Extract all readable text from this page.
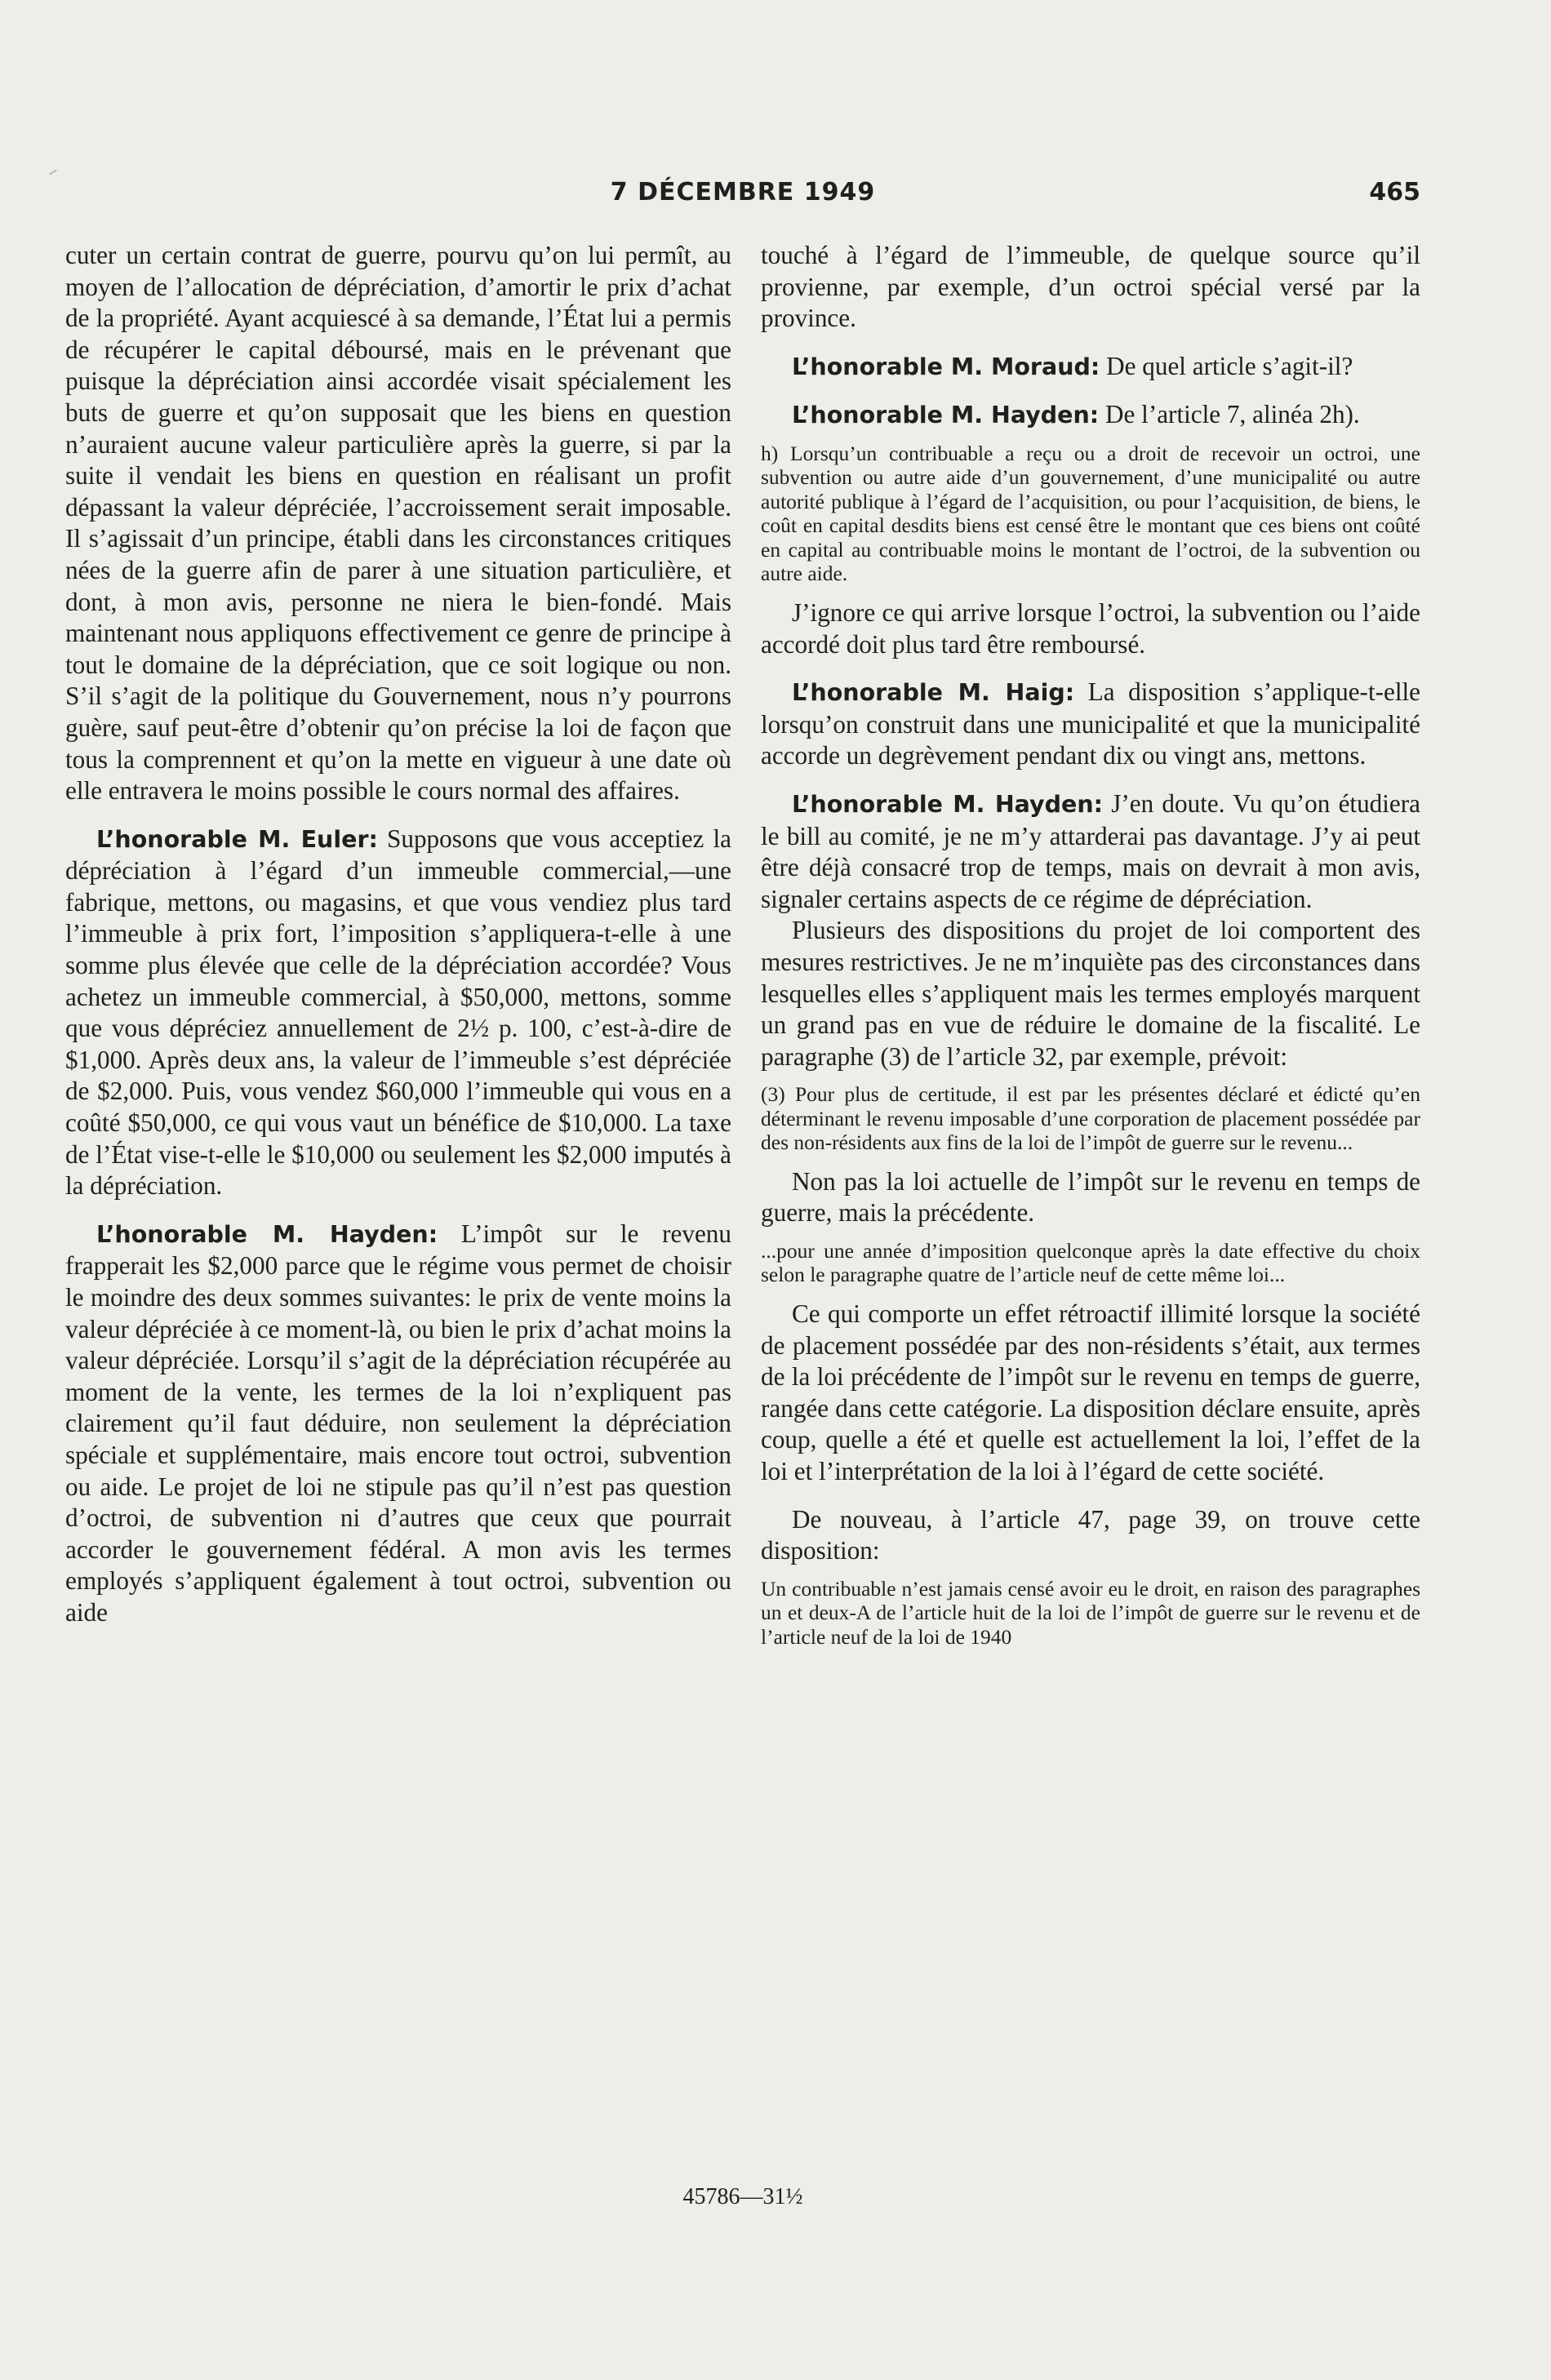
7 DÉCEMBRE 1949	465

cuter un certain contrat de guerre, pourvu qu’on lui permît, au moyen de l’allocation de dépréciation, d’amortir le prix d’achat de la propriété. Ayant acquiescé à sa demande, l’État lui a permis de récupérer le capital déboursé, mais en le prévenant que puisque la dépréciation ainsi accordée visait spécialement les buts de guerre et qu’on supposait que les biens en question n’auraient aucune valeur particulière après la guerre, si par la suite il vendait les biens en question en réalisant un profit dépassant la valeur dépréciée, l’accroissement serait imposable. Il s’agissait d’un principe, établi dans les circonstances critiques nées de la guerre afin de parer à une situation particulière, et dont, à mon avis, personne ne niera le bien-fondé. Mais maintenant nous appliquons effectivement ce genre de principe à tout le domaine de la dépréciation, que ce soit logique ou non. S’il s’agit de la politique du Gouvernement, nous n’y pourrons guère, sauf peut-être d’obtenir qu’on précise la loi de façon que tous la comprennent et qu’on la mette en vigueur à une date où elle entravera le moins possible le cours normal des affaires.

L’honorable M. Euler: Supposons que vous acceptiez la dépréciation à l’égard d’un immeuble commercial,—une fabrique, mettons, ou magasins, et que vous vendiez plus tard l’immeuble à prix fort, l’imposition s’appliquera-t-elle à une somme plus élevée que celle de la dépréciation accordée? Vous achetez un immeuble commercial, à $50,000, mettons, somme que vous dépréciez annuellement de 2½ p. 100, c’est-à-dire de $1,000. Après deux ans, la valeur de l’immeuble s’est dépréciée de $2,000. Puis, vous vendez $60,000 l’immeuble qui vous en a coûté $50,000, ce qui vous vaut un bénéfice de $10,000. La taxe de l’État vise-t-elle le $10,000 ou seulement les $2,000 imputés à la dépréciation.

L’honorable M. Hayden: L’impôt sur le revenu frapperait les $2,000 parce que le régime vous permet de choisir le moindre des deux sommes suivantes: le prix de vente moins la valeur dépréciée à ce moment-là, ou bien le prix d’achat moins la valeur dépréciée. Lorsqu’il s’agit de la dépréciation récupérée au moment de la vente, les termes de la loi n’expliquent pas clairement qu’il faut déduire, non seulement la dépréciation spéciale et supplémentaire, mais encore tout octroi, subvention ou aide. Le projet de loi ne stipule pas qu’il n’est pas question d’octroi, de subvention ni d’autres que ceux que pourrait accorder le gouvernement fédéral. A mon avis les termes employés s’appliquent également à tout octroi, subvention ou aide

touché à l’égard de l’immeuble, de quelque source qu’il provienne, par exemple, d’un octroi spécial versé par la province.

L’honorable M. Moraud: De quel article s’agit-il?

L’honorable M. Hayden: De l’article 7, alinéa 2h).

h) Lorsqu’un contribuable a reçu ou a droit de recevoir un octroi, une subvention ou autre aide d’un gouvernement, d’une municipalité ou autre autorité publique à l’égard de l’acquisition, ou pour l’acquisition, de biens, le coût en capital desdits biens est censé être le montant que ces biens ont coûté en capital au contribuable moins le montant de l’octroi, de la subvention ou autre aide.

J’ignore ce qui arrive lorsque l’octroi, la subvention ou l’aide accordé doit plus tard être remboursé.

L’honorable M. Haig: La disposition s’applique-t-elle lorsqu’on construit dans une municipalité et que la municipalité accorde un degrèvement pendant dix ou vingt ans, mettons.

L’honorable M. Hayden: J’en doute. Vu qu’on étudiera le bill au comité, je ne m’y attarderai pas davantage. J’y ai peut être déjà consacré trop de temps, mais on devrait à mon avis, signaler certains aspects de ce régime de dépréciation.

Plusieurs des dispositions du projet de loi comportent des mesures restrictives. Je ne m’inquiète pas des circonstances dans lesquelles elles s’appliquent mais les termes employés marquent un grand pas en vue de réduire le domaine de la fiscalité. Le paragraphe (3) de l’article 32, par exemple, prévoit:

(3) Pour plus de certitude, il est par les présentes déclaré et édicté qu’en déterminant le revenu imposable d’une corporation de placement possédée par des non-résidents aux fins de la loi de l’impôt de guerre sur le revenu...

Non pas la loi actuelle de l’impôt sur le revenu en temps de guerre, mais la précédente.

...pour une année d’imposition quelconque après la date effective du choix selon le paragraphe quatre de l’article neuf de cette même loi...

Ce qui comporte un effet rétroactif illimité lorsque la société de placement possédée par des non-résidents s’était, aux termes de la loi précédente de l’impôt sur le revenu en temps de guerre, rangée dans cette catégorie. La disposition déclare ensuite, après coup, quelle a été et quelle est actuellement la loi, l’effet de la loi et l’interprétation de la loi à l’égard de cette société.

De nouveau, à l’article 47, page 39, on trouve cette disposition:

Un contribuable n’est jamais censé avoir eu le droit, en raison des paragraphes un et deux-A de l’article huit de la loi de l’impôt de guerre sur le revenu et de l’article neuf de la loi de 1940

45786—31½
